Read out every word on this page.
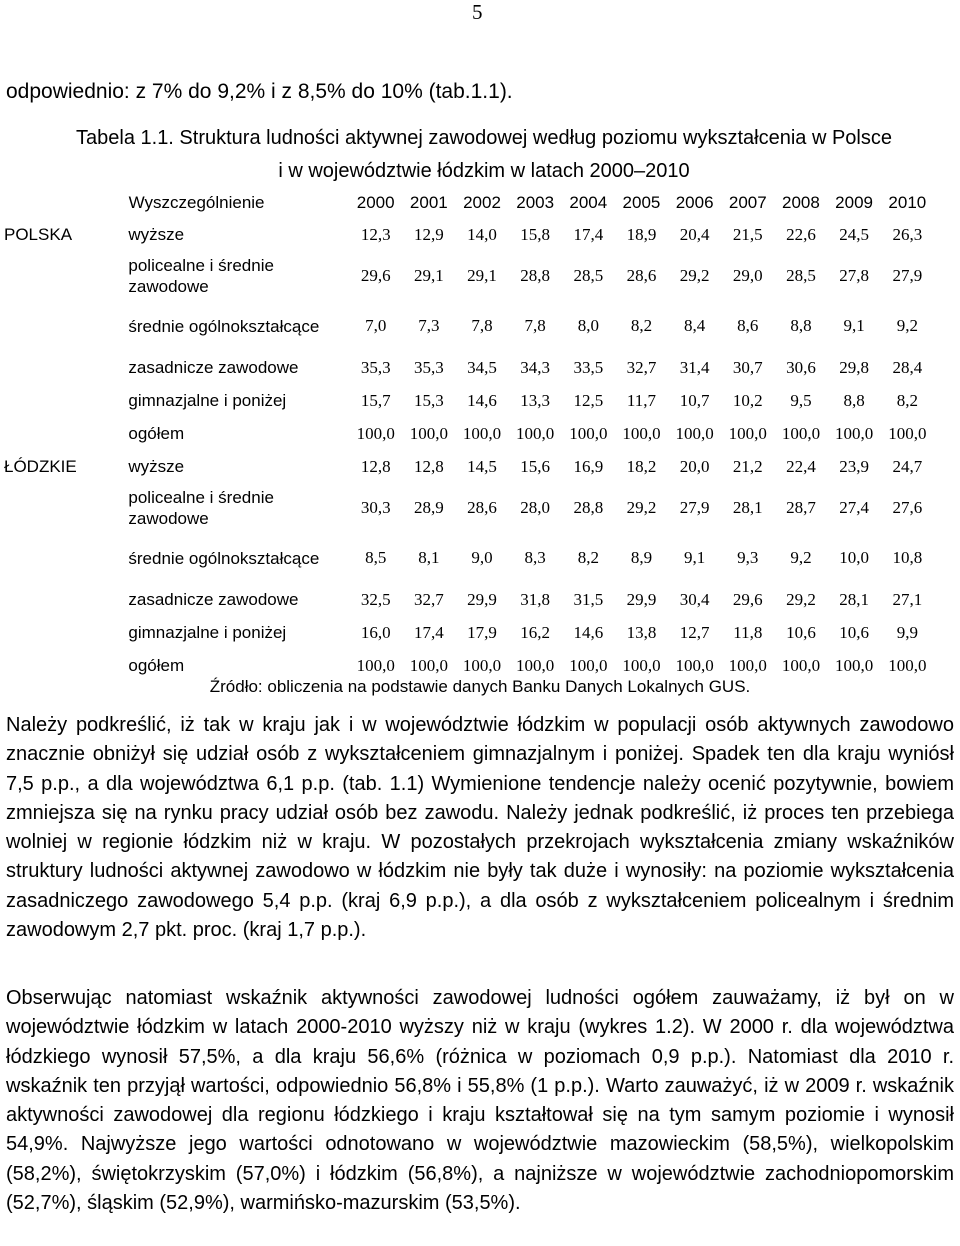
5
odpowiednio: z 7% do 9,2% i z 8,5% do 10% (tab.1.1).
Tabela 1.1. Struktura ludności aktywnej zawodowej według poziomu wykształcenia w Polsce
i w województwie łódzkim w latach 2000–2010
Wyszczególnienie		2000	2001	2002	2003	2004	2005	2006	2007	2008	2009	2010
POLSKA	wyższe	12,3	12,9	14,0	15,8	17,4	18,9	20,4	21,5	22,6	24,5	26,3
	policealne i średnie zawodowe	29,6	29,1	29,1	28,8	28,5	28,6	29,2	29,0	28,5	27,8	27,9
	średnie ogólnokształcące	7,0	7,3	7,8	7,8	8,0	8,2	8,4	8,6	8,8	9,1	9,2
	zasadnicze zawodowe	35,3	35,3	34,5	34,3	33,5	32,7	31,4	30,7	30,6	29,8	28,4
	gimnazjalne i poniżej	15,7	15,3	14,6	13,3	12,5	11,7	10,7	10,2	9,5	8,8	8,2
	ogółem	100,0	100,0	100,0	100,0	100,0	100,0	100,0	100,0	100,0	100,0	100,0
ŁÓDZKIE	wyższe	12,8	12,8	14,5	15,6	16,9	18,2	20,0	21,2	22,4	23,9	24,7
	policealne i średnie zawodowe	30,3	28,9	28,6	28,0	28,8	29,2	27,9	28,1	28,7	27,4	27,6
	średnie ogólnokształcące	8,5	8,1	9,0	8,3	8,2	8,9	9,1	9,3	9,2	10,0	10,8
	zasadnicze zawodowe	32,5	32,7	29,9	31,8	31,5	29,9	30,4	29,6	29,2	28,1	27,1
	gimnazjalne i poniżej	16,0	17,4	17,9	16,2	14,6	13,8	12,7	11,8	10,6	10,6	9,9
	ogółem	100,0	100,0	100,0	100,0	100,0	100,0	100,0	100,0	100,0	100,0	100,0
Źródło: obliczenia na podstawie danych Banku Danych Lokalnych GUS.
Należy podkreślić, iż tak w kraju jak i w województwie łódzkim w populacji osób aktywnych zawodowo znacznie obniżył się udział osób z wykształceniem gimnazjalnym i poniżej. Spadek ten dla kraju wyniósł 7,5 p.p., a dla województwa 6,1 p.p. (tab. 1.1) Wymienione tendencje należy ocenić pozytywnie, bowiem zmniejsza się na rynku pracy udział osób bez zawodu. Należy jednak podkreślić, iż proces ten przebiega wolniej w regionie łódzkim niż w kraju. W pozostałych przekrojach wykształcenia zmiany wskaźników struktury ludności aktywnej zawodowo w łódzkim nie były tak duże i wynosiły: na poziomie wykształcenia zasadniczego zawodowego 5,4 p.p. (kraj 6,9 p.p.), a dla osób z wykształceniem policealnym i średnim zawodowym 2,7 pkt. proc. (kraj 1,7 p.p.).
Obserwując natomiast wskaźnik aktywności zawodowej ludności ogółem zauważamy, iż był on w województwie łódzkim w latach 2000-2010 wyższy niż w kraju (wykres 1.2). W 2000 r. dla województwa łódzkiego wynosił 57,5%, a dla kraju 56,6% (różnica w poziomach 0,9 p.p.). Natomiast dla 2010 r. wskaźnik ten przyjął wartości, odpowiednio 56,8% i 55,8% (1 p.p.). Warto zauważyć, iż w 2009 r. wskaźnik aktywności zawodowej dla regionu łódzkiego i kraju kształtował się na tym samym poziomie i wynosił 54,9%. Najwyższe jego wartości odnotowano w województwie mazowieckim (58,5%), wielkopolskim (58,2%), świętokrzyskim (57,0%) i łódzkim (56,8%), a najniższe w województwie zachodniopomorskim (52,7%), śląskim (52,9%), warmińsko-mazurskim (53,5%).
